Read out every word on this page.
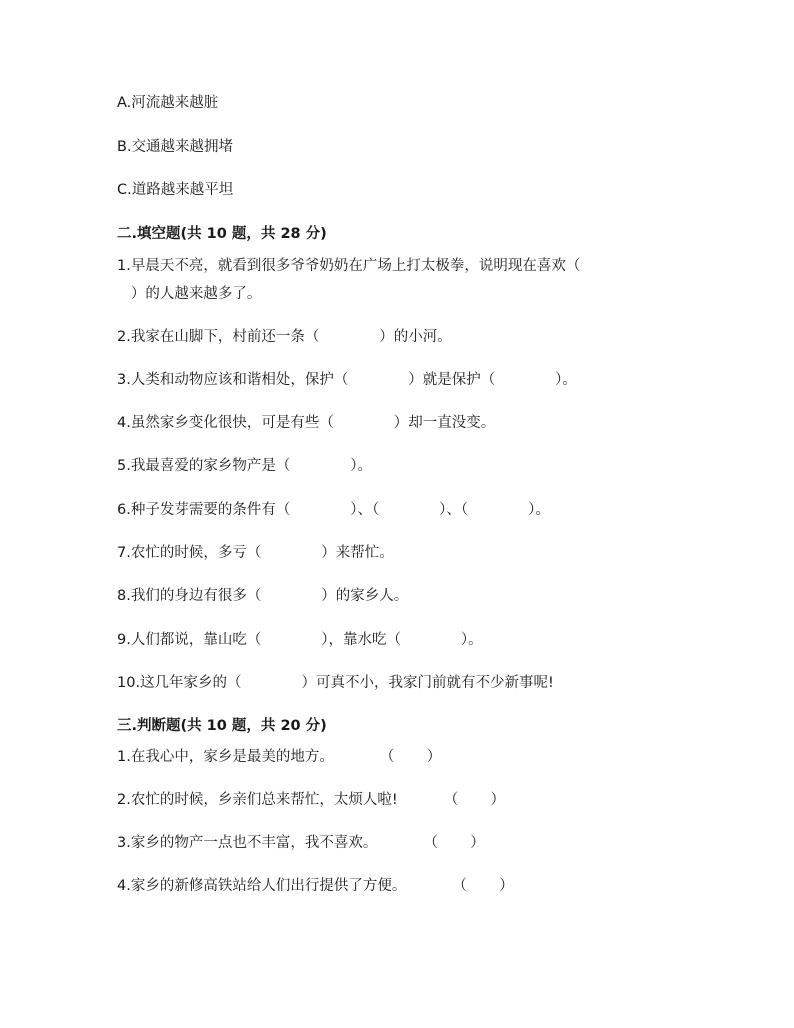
A.河流越来越脏
B.交通越来越拥堵
C.道路越来越平坦
二.填空题(共 10 题，共 28 分)
1.早晨天不亮，就看到很多爷爷奶奶在广场上打太极拳，说明现在喜欢（
）的人越来越多了。
2.我家在山脚下，村前还一条（             ）的小河。
3.人类和动物应该和谐相处，保护（             ）就是保护（             ）。
4.虽然家乡变化很快，可是有些（             ）却一直没变。
5.我最喜爱的家乡物产是（             ）。
6.种子发芽需要的条件有（             ）、（             ）、（             ）。
7.农忙的时候，多亏（             ）来帮忙。
8.我们的身边有很多（             ）的家乡人。
9.人们都说，靠山吃（             ），靠水吃（             ）。
10.这几年家乡的（             ）可真不小，我家门前就有不少新事呢!
三.判断题(共 10 题，共 20 分)
1.在我心中，家乡是最美的地方。          （       ）
2.农忙的时候，乡亲们总来帮忙，太烦人啦!          （       ）
3.家乡的物产一点也不丰富，我不喜欢。          （       ）
4.家乡的新修高铁站给人们出行提供了方便。          （       ）
